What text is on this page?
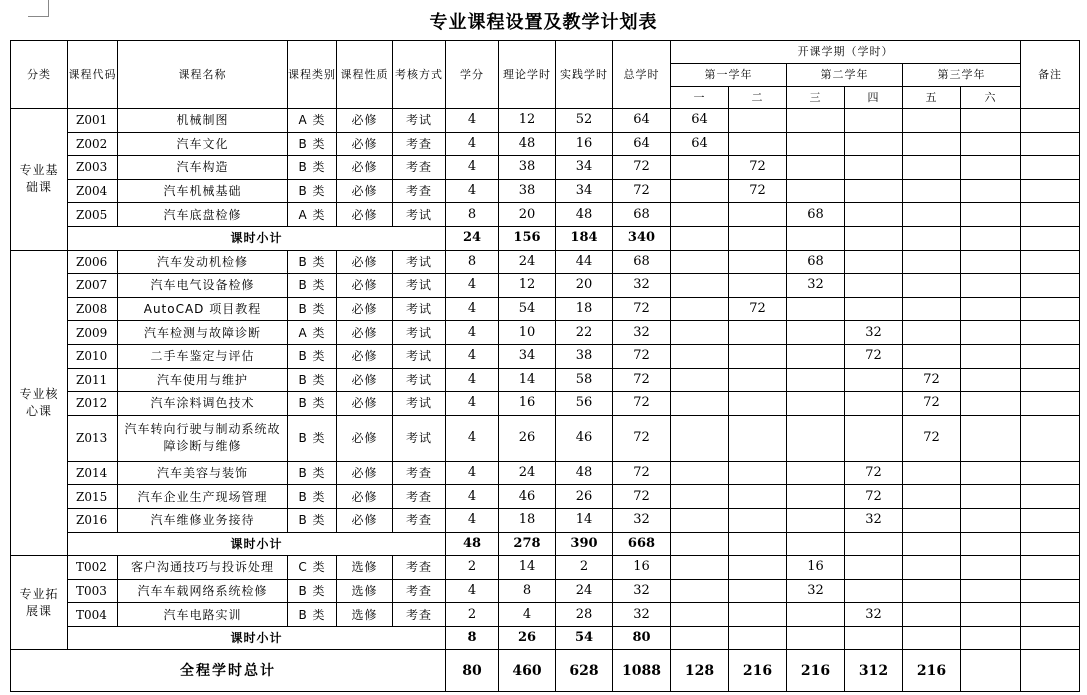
专业课程设置及教学计划表
分类	课程代码	课程名称	课程类别	课程性质	考核方式	学分	理论学时	实践学时	总学时	开课学期（学时）						备注
										第一学年		第二学年		第三学年		
										一	二	三	四	五	六	
专业基础课	Z001	机械制图	A 类	必修	考试	4	12	52	64	64						
	Z002	汽车文化	B 类	必修	考查	4	48	16	64	64						
	Z003	汽车构造	B 类	必修	考查	4	38	34	72		72					
	Z004	汽车机械基础	B 类	必修	考查	4	38	34	72		72					
	Z005	汽车底盘检修	A 类	必修	考试	8	20	48	68			68				
	课时小计					24	156	184	340							
专业核心课	Z006	汽车发动机检修	B 类	必修	考试	8	24	44	68			68				
	Z007	汽车电气设备检修	B 类	必修	考试	4	12	20	32			32				
	Z008	AutoCAD 项目教程	B 类	必修	考试	4	54	18	72		72					
	Z009	汽车检测与故障诊断	A 类	必修	考试	4	10	22	32				32			
	Z010	二手车鉴定与评估	B 类	必修	考试	4	34	38	72				72			
	Z011	汽车使用与维护	B 类	必修	考试	4	14	58	72					72		
	Z012	汽车涂料调色技术	B 类	必修	考试	4	16	56	72					72		
	Z013	汽车转向行驶与制动系统故障诊断与维修	B 类	必修	考试	4	26	46	72					72		
	Z014	汽车美容与装饰	B 类	必修	考查	4	24	48	72				72			
	Z015	汽车企业生产现场管理	B 类	必修	考查	4	46	26	72				72			
	Z016	汽车维修业务接待	B 类	必修	考查	4	18	14	32				32			
	课时小计					48	278	390	668							
专业拓展课	T002	客户沟通技巧与投诉处理	C 类	选修	考查	2	14	2	16			16				
	T003	汽车车载网络系统检修	B 类	选修	考查	4	8	24	32			32				
	T004	汽车电路实训	B 类	选修	考查	2	4	28	32				32			
	课时小计					8	26	54	80							
全程学时总计						80	460	628	1088	128	216	216	312	216		
